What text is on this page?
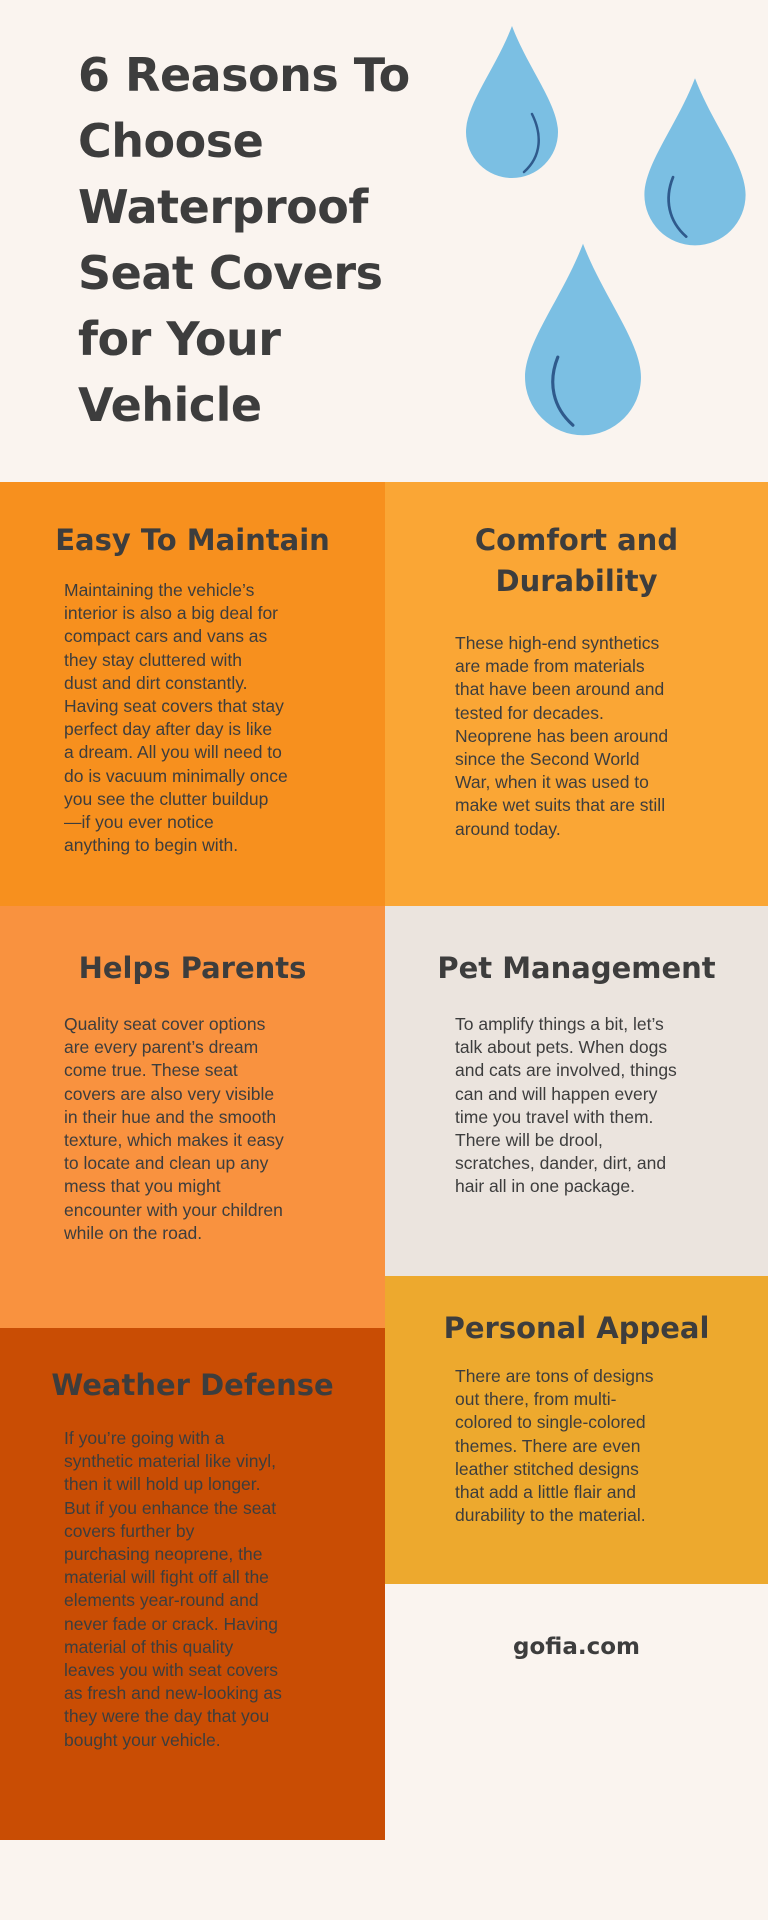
6 Reasons To
Choose
Waterproof
Seat Covers
for Your
Vehicle
Easy To Maintain
Maintaining the vehicle’s
interior is also a big deal for
compact cars and vans as
they stay cluttered with
dust and dirt constantly.
Having seat covers that stay
perfect day after day is like
a dream. All you will need to
do is vacuum minimally once
you see the clutter buildup
—if you ever notice
anything to begin with.
Comfort and
Durability
These high-end synthetics
are made from materials
that have been around and
tested for decades.
Neoprene has been around
since the Second World
War, when it was used to
make wet suits that are still
around today.
Helps Parents
Quality seat cover options
are every parent’s dream
come true. These seat
covers are also very visible
in their hue and the smooth
texture, which makes it easy
to locate and clean up any
mess that you might
encounter with your children
while on the road.
Pet Management
To amplify things a bit, let’s
talk about pets. When dogs
and cats are involved, things
can and will happen every
time you travel with them.
There will be drool,
scratches, dander, dirt, and
hair all in one package.
Personal Appeal
There are tons of designs
out there, from multi-
colored to single-colored
themes. There are even
leather stitched designs
that add a little flair and
durability to the material.
Weather Defense
If you’re going with a
synthetic material like vinyl,
then it will hold up longer.
But if you enhance the seat
covers further by
purchasing neoprene, the
material will fight off all the
elements year-round and
never fade or crack. Having
material of this quality
leaves you with seat covers
as fresh and new-looking as
they were the day that you
bought your vehicle.
gofia.com
